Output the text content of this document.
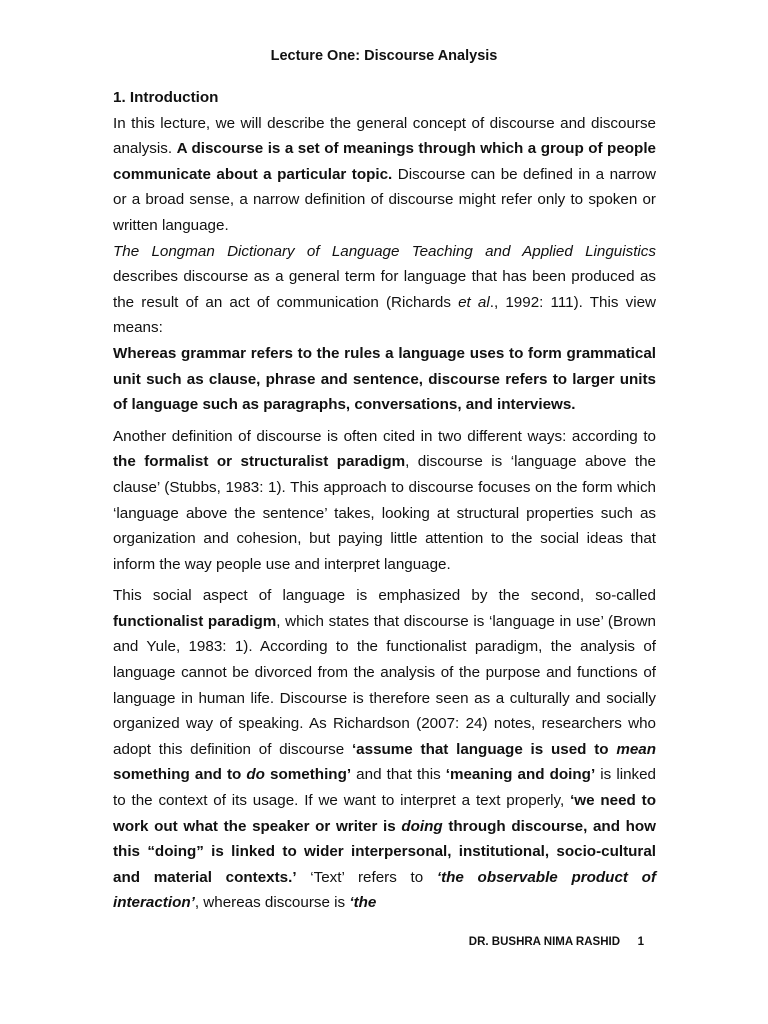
Lecture One: Discourse Analysis

1. Introduction

In this lecture, we will describe the general concept of discourse and discourse analysis. A discourse is a set of meanings through which a group of people communicate about a particular topic. Discourse can be defined in a narrow or a broad sense, a narrow definition of discourse might refer only to spoken or written language.

The Longman Dictionary of Language Teaching and Applied Linguistics describes discourse as a general term for language that has been produced as the result of an act of communication (Richards et al., 1992: 111). This view means:

Whereas grammar refers to the rules a language uses to form grammatical unit such as clause, phrase and sentence, discourse refers to larger units of language such as paragraphs, conversations, and interviews.

Another definition of discourse is often cited in two different ways: according to the formalist or structuralist paradigm, discourse is ‘language above the clause’ (Stubbs, 1983: 1). This approach to discourse focuses on the form which ‘language above the sentence’ takes, looking at structural properties such as organization and cohesion, but paying little attention to the social ideas that inform the way people use and interpret language.

This social aspect of language is emphasized by the second, so-called functionalist paradigm, which states that discourse is ‘language in use’ (Brown and Yule, 1983: 1). According to the functionalist paradigm, the analysis of language cannot be divorced from the analysis of the purpose and functions of language in human life. Discourse is therefore seen as a culturally and socially organized way of speaking. As Richardson (2007: 24) notes, researchers who adopt this definition of discourse ‘assume that language is used to mean something and to do something’ and that this ‘meaning and doing’ is linked to the context of its usage. If we want to interpret a text properly, ‘we need to work out what the speaker or writer is doing through discourse, and how this “doing” is linked to wider interpersonal, institutional, socio-cultural and material contexts.’ ‘Text’ refers to ‘the observable product of interaction’, whereas discourse is ‘the

DR. BUSHRA NIMA RASHID 1
